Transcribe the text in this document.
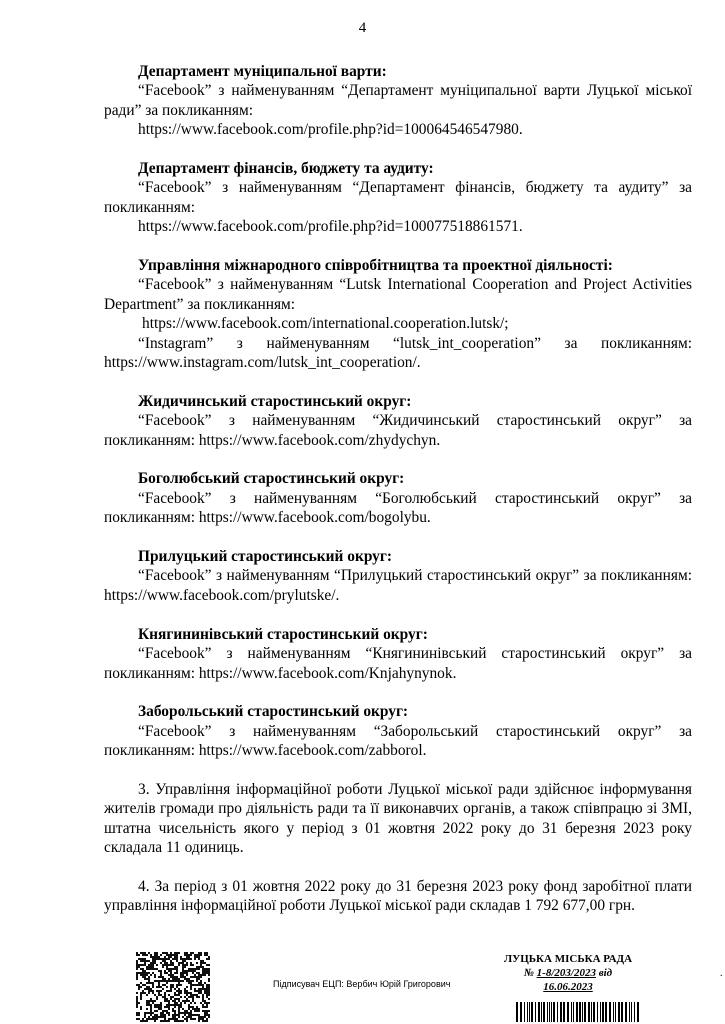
4
Департамент муніципальної варти:
“Facebook” з найменуванням “Департамент муніципальної варти Луцької міської ради” за покликанням:
https://www.facebook.com/profile.php?id=100064546547980.
Департамент фінансів, бюджету та аудиту:
“Facebook” з найменуванням “Департамент фінансів, бюджету та аудиту” за покликанням:
https://www.facebook.com/profile.php?id=100077518861571.
Управління міжнародного співробітництва та проектної діяльності:
“Facebook” з найменуванням “Lutsk International Cooperation and Project Activities Department” за покликанням:
https://www.facebook.com/international.cooperation.lutsk/;
“Instagram” з найменуванням “lutsk_int_cooperation” за покликанням: https://www.instagram.com/lutsk_int_cooperation/.
Жидичинський старостинський округ:
“Facebook” з найменуванням “Жидичинський старостинський округ” за покликанням: https://www.facebook.com/zhydychyn.
Боголюбський старостинський округ:
“Facebook” з найменуванням “Боголюбський старостинський округ” за покликанням: https://www.facebook.com/bogolybu.
Прилуцький старостинський округ:
“Facebook” з найменуванням “Прилуцький старостинський округ” за покликанням: https://www.facebook.com/prylutske/.
Княгининівський старостинський округ:
“Facebook” з найменуванням “Княгининівський старостинський округ” за покликанням: https://www.facebook.com/Knjahynynok.
Заборольський старостинський округ:
“Facebook” з найменуванням “Заборольський старостинський округ” за покликанням: https://www.facebook.com/zabborol.
3. Управління інформаційної роботи Луцької міської ради здійснює інформування жителів громади про діяльність ради та її виконавчих органів, а також співпрацю зі ЗМІ, штатна чисельність якого у період з 01 жовтня 2022 року до 31 березня 2023 року складала 11 одиниць.
4. За період з 01 жовтня 2022 року до 31 березня 2023 року фонд заробітної плати управління інформаційної роботи Луцької міської ради складав 1 792 677,00 грн.
Підписувач ЕЦП: Вербич Юрій Григорович
ЛУЦЬКА МІСЬКА РАДА
№ 1-8/203/2023 від
16.06.2023
.
